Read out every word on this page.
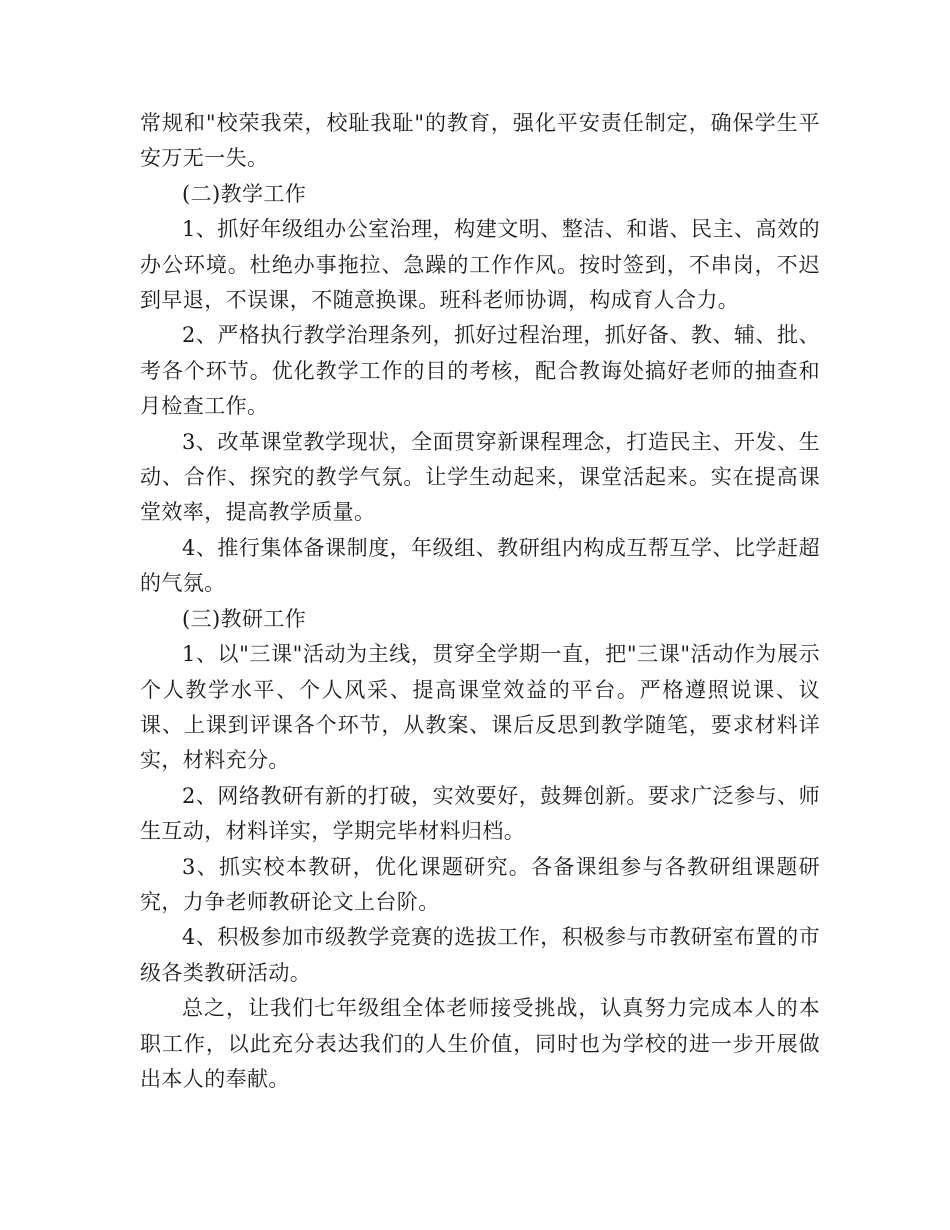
常规和"校荣我荣，校耻我耻"的教育，强化平安责任制定，确保学生平安万无一失。

(二)教学工作

1、抓好年级组办公室治理，构建文明、整洁、和谐、民主、高效的办公环境。杜绝办事拖拉、急躁的工作作风。按时签到，不串岗，不迟到早退，不误课，不随意换课。班科老师协调，构成育人合力。

2、严格执行教学治理条列，抓好过程治理，抓好备、教、辅、批、考各个环节。优化教学工作的目的考核，配合教诲处搞好老师的抽查和月检查工作。

3、改革课堂教学现状，全面贯穿新课程理念，打造民主、开发、生动、合作、探究的教学气氛。让学生动起来，课堂活起来。实在提高课堂效率，提高教学质量。

4、推行集体备课制度，年级组、教研组内构成互帮互学、比学赶超的气氛。

(三)教研工作

1、以"三课"活动为主线，贯穿全学期一直，把"三课"活动作为展示个人教学水平、个人风采、提高课堂效益的平台。严格遵照说课、议课、上课到评课各个环节，从教案、课后反思到教学随笔，要求材料详实，材料充分。

2、网络教研有新的打破，实效要好，鼓舞创新。要求广泛参与、师生互动，材料详实，学期完毕材料归档。

3、抓实校本教研，优化课题研究。各备课组参与各教研组课题研究，力争老师教研论文上台阶。

4、积极参加市级教学竞赛的选拔工作，积极参与市教研室布置的市级各类教研活动。

总之，让我们七年级组全体老师接受挑战，认真努力完成本人的本职工作，以此充分表达我们的人生价值，同时也为学校的进一步开展做出本人的奉献。
